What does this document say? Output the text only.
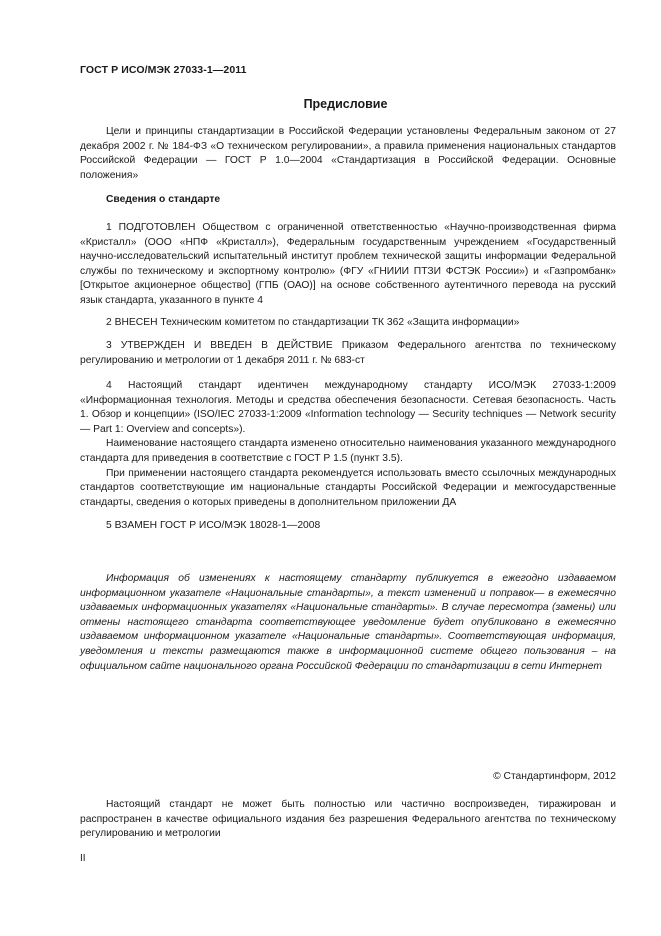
ГОСТ Р ИСО/МЭК 27033-1—2011
Предисловие

Цели и принципы стандартизации в Российской Федерации установлены Федеральным законом от 27 декабря 2002 г. № 184-ФЗ «О техническом регулировании», а правила применения национальных стандартов Российской Федерации — ГОСТ Р 1.0—2004 «Стандартизация в Российской Федерации. Основные положения»

Сведения о стандарте

1 ПОДГОТОВЛЕН Обществом с ограниченной ответственностью «Научно-производственная фирма «Кристалл» (ООО «НПФ «Кристалл»), Федеральным государственным учреждением «Государственный научно-исследовательский испытательный институт проблем технической защиты информации Федеральной службы по техническому и экспортному контролю» (ФГУ «ГНИИИ ПТЗИ ФСТЭК России») и «Газпромбанк» [Открытое акционерное общество] (ГПБ (ОАО)] на основе собственного аутентичного перевода на русский язык стандарта, указанного в пункте 4

2 ВНЕСЕН Техническим комитетом по стандартизации ТК 362 «Защита информации»

3 УТВЕРЖДЕН И ВВЕДЕН В ДЕЙСТВИЕ Приказом Федерального агентства по техническому регулированию и метрологии от 1 декабря 2011 г. № 683-ст

4 Настоящий стандарт идентичен международному стандарту ИСО/МЭК 27033-1:2009 «Информационная технология. Методы и средства обеспечения безопасности. Сетевая безопасность. Часть 1. Обзор и концепции» (ISO/IEC 27033-1:2009 «Information technology — Security techniques — Network security — Part 1: Overview and concepts»).

Наименование настоящего стандарта изменено относительно наименования указанного международного стандарта для приведения в соответствие с ГОСТ Р 1.5 (пункт 3.5).

При применении настоящего стандарта рекомендуется использовать вместо ссылочных международных стандартов соответствующие им национальные стандарты Российской Федерации и межгосударственные стандарты, сведения о которых приведены в дополнительном приложении ДА

5 ВЗАМЕН ГОСТ Р ИСО/МЭК 18028-1—2008

Информация об изменениях к настоящему стандарту публикуется в ежегодно издаваемом информационном указателе «Национальные стандарты», а текст изменений и поправок— в ежемесячно издаваемых информационных указателях «Национальные стандарты». В случае пересмотра (замены) или отмены настоящего стандарта соответствующее уведомление будет опубликовано в ежемесячно издаваемом информационном указателе «Национальные стандарты». Соответствующая информация, уведомления и тексты размещаются также в информационной системе общего пользования – на официальном сайте национального органа Российской Федерации по стандартизации в сети Интернет

© Стандартинформ, 2012

Настоящий стандарт не может быть полностью или частично воспроизведен, тиражирован и распространен в качестве официального издания без разрешения Федерального агентства по техническому регулированию и метрологии

II
